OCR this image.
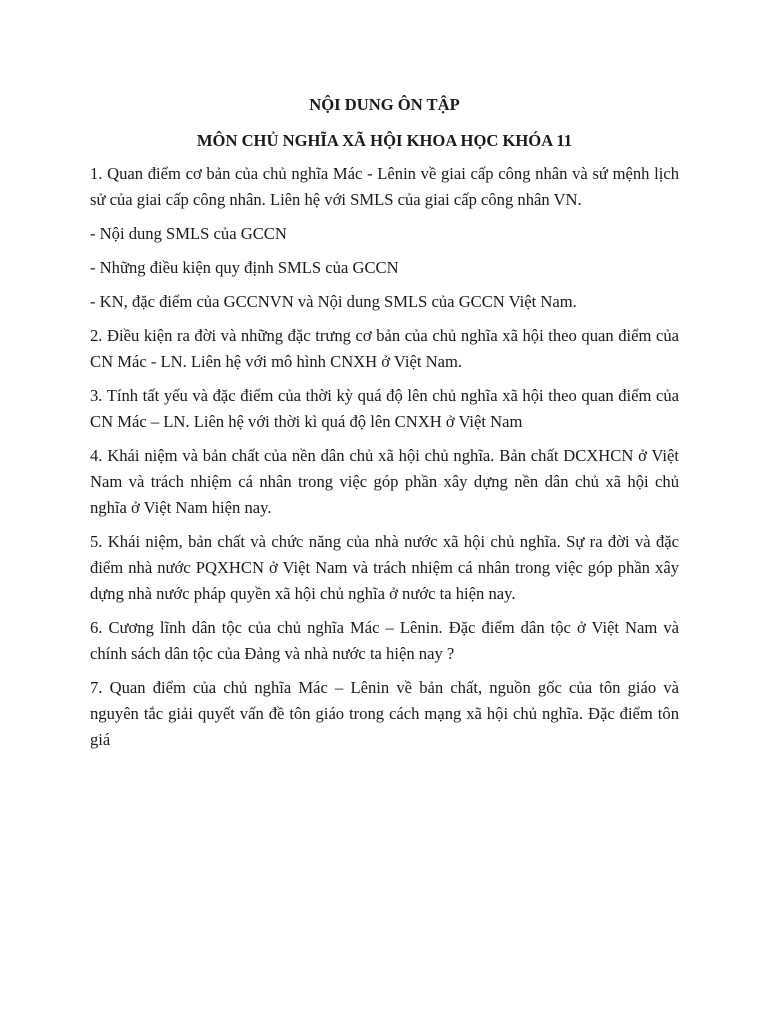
NỘI DUNG ÔN TẬP

MÔN CHỦ NGHĨA XÃ HỘI KHOA HỌC KHÓA 11

1. Quan điểm cơ bản của chủ nghĩa Mác - Lênin về giai cấp công nhân và sứ mệnh lịch sử của giai cấp công nhân. Liên hệ với SMLS của giai cấp công nhân VN.

- Nội dung SMLS của GCCN

- Những điều kiện quy định SMLS của GCCN

- KN, đặc điểm của GCCNVN và Nội dung SMLS của GCCN Việt Nam.

2. Điều kiện ra đời và những đặc trưng cơ bản của chủ nghĩa xã hội theo quan điểm của CN Mác - LN. Liên hệ với mô hình CNXH ở Việt Nam.

3. Tính tất yếu và đặc điểm của thời kỳ quá độ lên chủ nghĩa xã hội theo quan điểm của CN Mác – LN. Liên hệ với thời kì quá độ lên CNXH ở Việt Nam

4. Khái niệm và bản chất của nền dân chủ xã hội chủ nghĩa. Bản chất DCXHCN ở Việt Nam và trách nhiệm cá nhân trong việc góp phần xây dựng nền dân chủ xã hội chủ nghĩa ở Việt Nam hiện nay.

5. Khái niệm, bản chất và chức năng của nhà nước xã hội chủ nghĩa. Sự ra đời và đặc điểm nhà nước PQXHCN ở Việt Nam và trách nhiệm cá nhân trong việc góp phần xây dựng nhà nước pháp quyền xã hội chủ nghĩa ở nước ta hiện nay.

6. Cương lĩnh dân tộc của chủ nghĩa Mác – Lênin. Đặc điểm dân tộc ở Việt Nam và chính sách dân tộc của Đảng và nhà nước ta hiện nay ?

7. Quan điểm của chủ nghĩa Mác – Lênin về bản chất, nguồn gốc của tôn giáo và nguyên tắc giải quyết vấn đề tôn giáo trong cách mạng xã hội chủ nghĩa. Đặc điểm tôn giá
